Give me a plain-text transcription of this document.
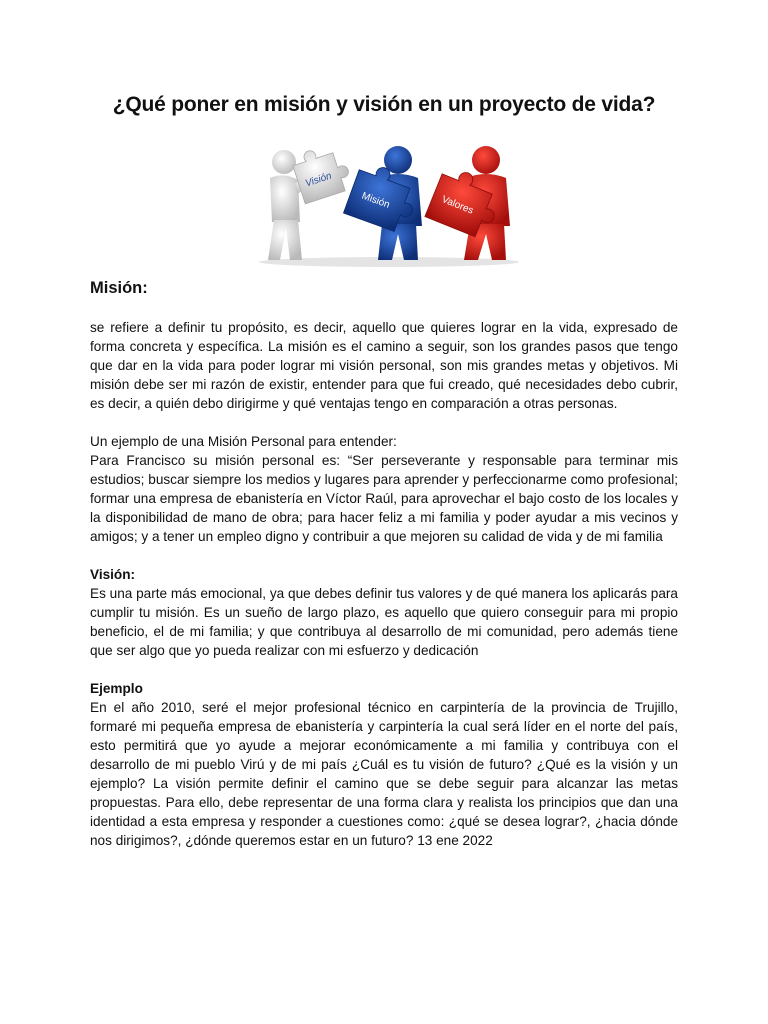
¿Qué poner en misión y visión en un proyecto de vida?
Visión
Misión	Valores
Misión:

se refiere a definir tu propósito, es decir, aquello que quieres lograr en la vida, expresado de forma concreta y específica. La misión es el camino a seguir, son los grandes pasos que tengo que dar en la vida para poder lograr mi visión personal, son mis grandes metas y objetivos. Mi misión debe ser mi razón de existir, entender para que fui creado, qué necesidades debo cubrir, es decir, a quién debo dirigirme y qué ventajas tengo en comparación a otras personas.

Un ejemplo de una Misión Personal para entender:

Para Francisco su misión personal es: “Ser perseverante y responsable para terminar mis estudios; buscar siempre los medios y lugares para aprender y perfeccionarme como profesional; formar una empresa de ebanistería en Víctor Raúl, para aprovechar el bajo costo de los locales y la disponibilidad de mano de obra; para hacer feliz a mi familia y poder ayudar a mis vecinos y amigos; y a tener un empleo digno y contribuir a que mejoren su calidad de vida y de mi familia

Visión:

Es una parte más emocional, ya que debes definir tus valores y de qué manera los aplicarás para cumplir tu misión. Es un sueño de largo plazo, es aquello que quiero conseguir para mi propio beneficio, el de mi familia; y que contribuya al desarrollo de mi comunidad, pero además tiene que ser algo que yo pueda realizar con mi esfuerzo y dedicación

Ejemplo

En el año 2010, seré el mejor profesional técnico en carpintería de la provincia de Trujillo, formaré mi pequeña empresa de ebanistería y carpintería la cual será líder en el norte del país, esto permitirá que yo ayude a mejorar económicamente a mi familia y contribuya con el desarrollo de mi pueblo Virú y de mi país ¿Cuál es tu visión de futuro? ¿Qué es la visión y un ejemplo? La visión permite definir el camino que se debe seguir para alcanzar las metas propuestas. Para ello, debe representar de una forma clara y realista los principios que dan una identidad a esta empresa y responder a cuestiones como: ¿qué se desea lograr?, ¿hacia dónde nos dirigimos?, ¿dónde queremos estar en un futuro? 13 ene 2022
